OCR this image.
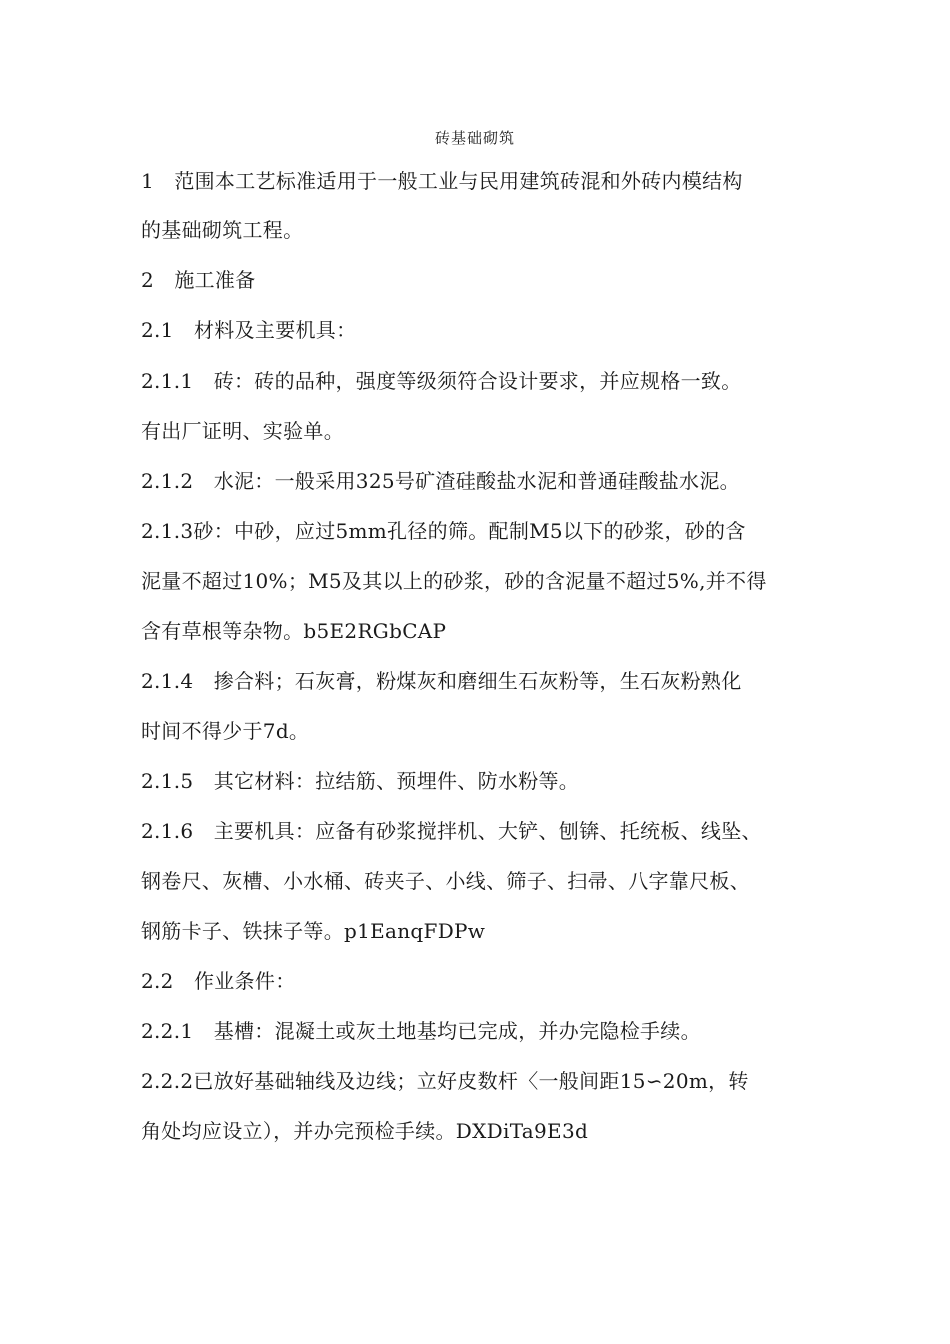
砖基础砌筑
1　范围本工艺标准适用于一般工业与民用建筑砖混和外砖内模结构
的基础砌筑工程。
2　施工准备
2.1　材料及主要机具：
2.1.1　砖：砖的品种，强度等级须符合设计要求，并应规格一致。
有出厂证明、实验单。
2.1.2　水泥：一般采用325号矿渣硅酸盐水泥和普通硅酸盐水泥。
2.1.3砂：中砂，应过5mm孔径的筛。配制M5以下的砂浆，砂的含
泥量不超过10%；M5及其以上的砂浆，砂的含泥量不超过5%,并不得
含有草根等杂物。b5E2RGbCAP
2.1.4　掺合料；石灰膏，粉煤灰和磨细生石灰粉等，生石灰粉熟化
时间不得少于7d。
2.1.5　其它材料：拉结筋、预埋件、防水粉等。
2.1.6　主要机具：应备有砂浆搅拌机、大铲、刨锛、托统板、线坠、
钢卷尺、灰槽、小水桶、砖夹子、小线、筛子、扫帚、八字靠尺板、
钢筋卡子、铁抹子等。p1EanqFDPw
2.2　作业条件：
2.2.1　基槽：混凝土或灰土地基均已完成，并办完隐检手续。
2.2.2已放好基础轴线及边线；立好皮数杆〈一般间距15∽20m，转
角处均应设立），并办完预检手续。DXDiTa9E3d
